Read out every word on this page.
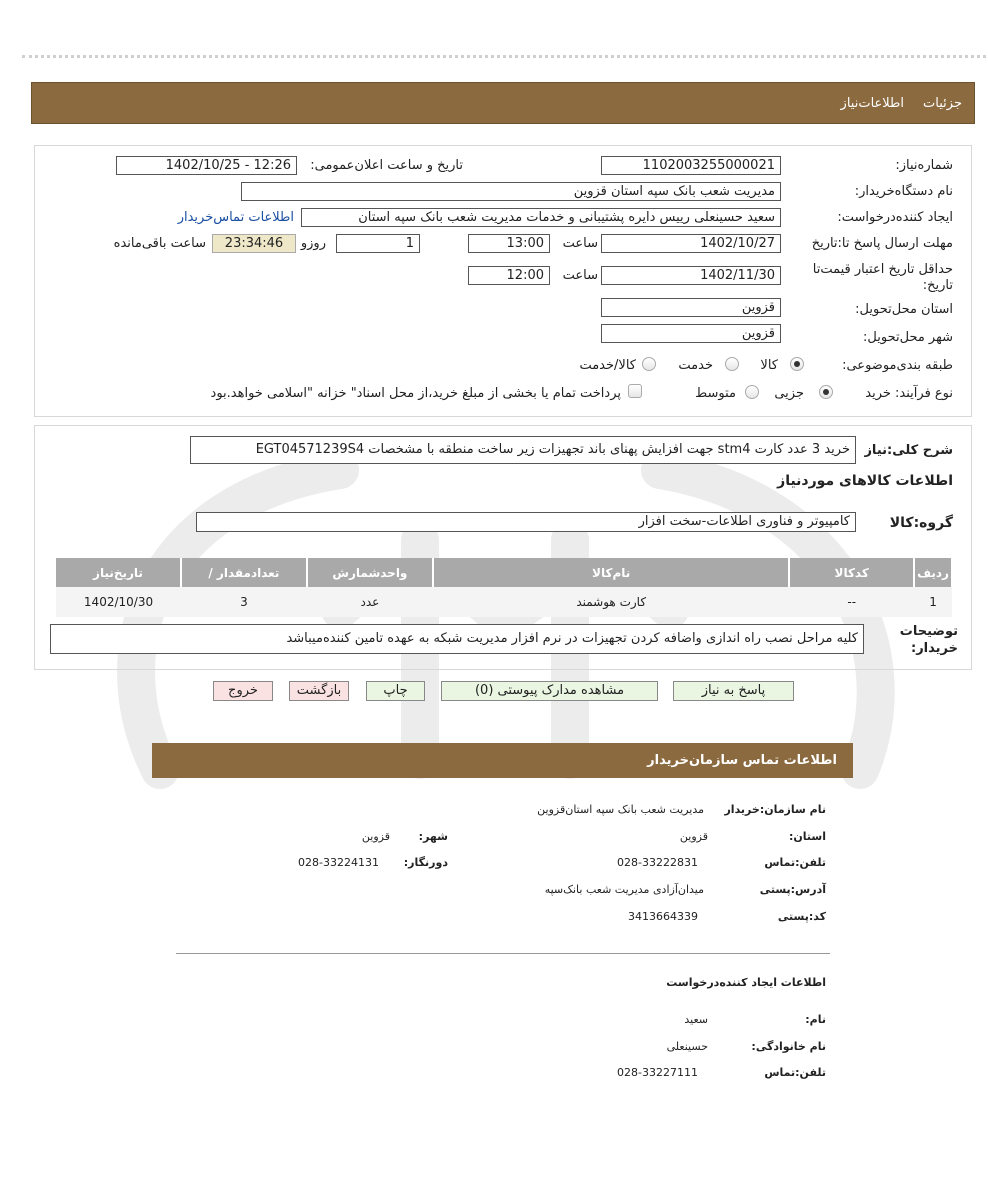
جزئیات
اطلاعات‌نیاز
شماره‌نیاز:
1102003255000021
تاریخ و ساعت اعلان‌عمومی:
1402/10/25 - 12:26
نام دستگاه‌خریدار:
مدیریت شعب بانک سپه استان قزوین
ایجاد کننده‌درخواست:
سعید حسینعلی رییس دایره پشتیبانی و خدمات مدیریت شعب بانک سپه استان
اطلاعات تماس‌خریدار
مهلت ارسال پاسخ تا:تاریخ
1402/10/27
ساعت
13:00
1
روزو
23:34:46
ساعت باقی‌مانده
حداقل تاریخ اعتبار قیمت‌تا تاریخ:
1402/11/30
ساعت
12:00
استان محل‌تحویل:
قزوین
شهر محل‌تحویل:
قزوین
طبقه بندی‌موضوعی:
کالا
خدمت
کالا/خدمت
نوع فرآیند: خرید
جزیی
متوسط
پرداخت تمام یا بخشی از مبلغ خرید،از محل اسناد" خزانه "اسلامی خواهد.بود
شرح کلی:نیاز
خرید 3 عدد کارت stm4 جهت افزایش پهنای باند تجهیزات زیر ساخت منطقه با مشخصات EGT04571239S4
اطلاعات کالاهای موردنیاز
گروه:کالا
کامپیوتر و فناوری اطلاعات-سخت افزار
ردیف	کدکالا	نام‌کالا	واحدشمارش	تعدادمقدار /	تاریخ‌نیاز
1	--	کارت هوشمند	عدد	3	1402/10/30
توضیحات خریدار:
کلیه مراحل نصب راه اندازی واضافه کردن تجهیزات در نرم افزار مدیریت شبکه به عهده تامین کننده‌میباشد
پاسخ به نیاز
مشاهده مدارک پیوستی (0)
چاپ
بازگشت
خروج
اطلاعات تماس سازمان‌خریدار
نام سازمان:خریدار
مدیریت شعب بانک سپه استان‌قزوین
استان:
قزوین
شهر:
قزوین
تلفن:تماس
028-33222831
دورنگار:
028-33224131
آدرس:پستی
میدان‌آزادی مدیریت شعب بانک‌سپه
کد:پستی
3413664339
اطلاعات ایجاد کننده‌درخواست
نام:
سعید
نام خانوادگی:
حسینعلی
تلفن:تماس
028-33227111
